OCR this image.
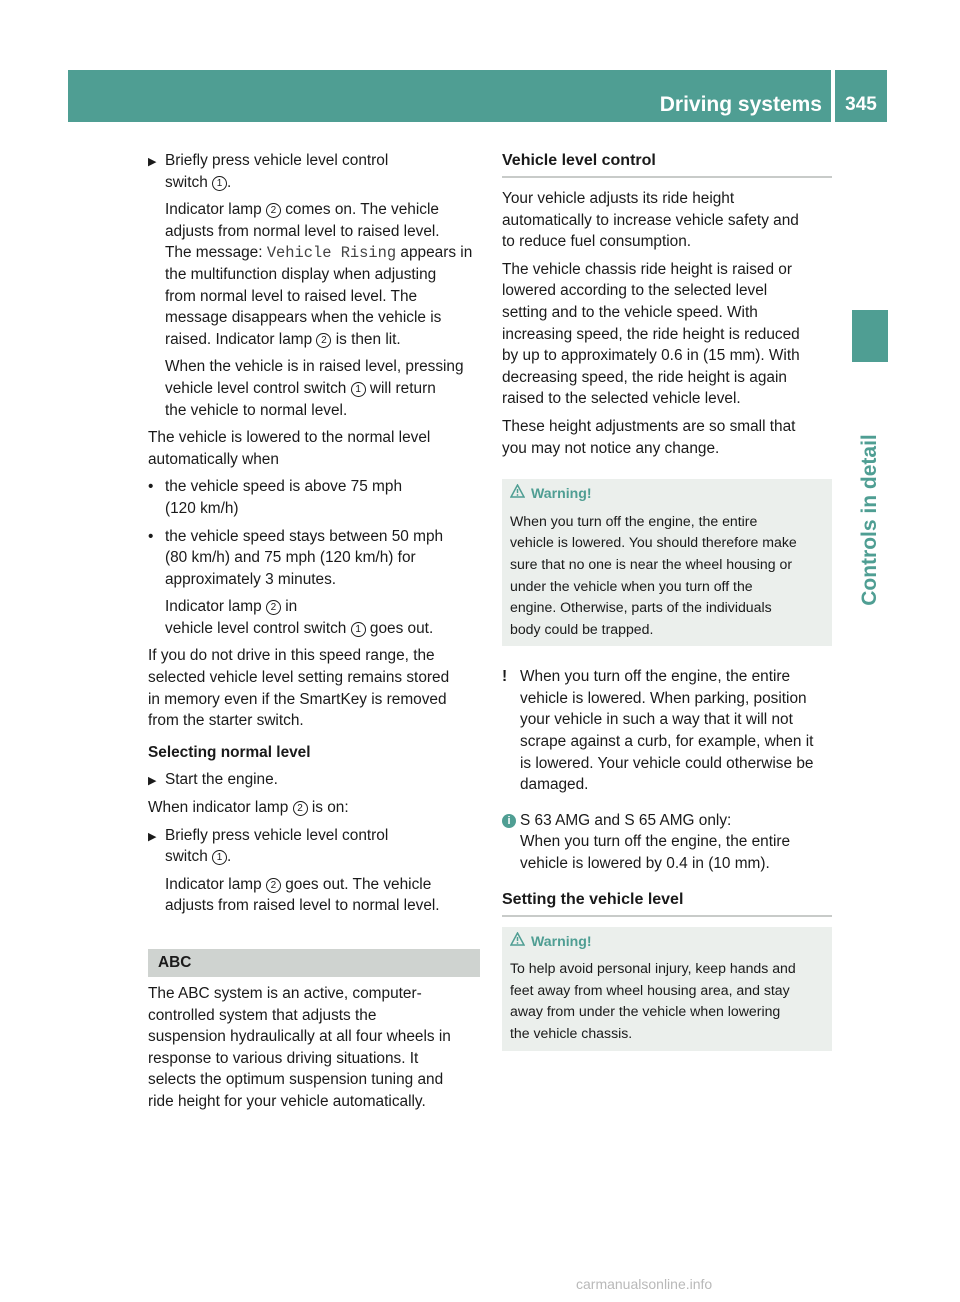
Driving systems	345
Controls in detail
▶ Briefly press vehicle level control
switch 1 .
Indicator lamp 2 comes on. The vehicle
adjusts from normal level to raised level.
The message: Vehicle Rising appears in
the multifunction display when adjusting
from normal level to raised level. The
message disappears when the vehicle is
raised. Indicator lamp 2 is then lit.
When the vehicle is in raised level, pressing
vehicle level control switch 1 will return
the vehicle to normal level.
The vehicle is lowered to the normal level
automatically when
• the vehicle speed is above 75 mph
(120 km/h)
• the vehicle speed stays between 50 mph
(80 km/h) and 75 mph (120 km/h) for
approximately 3 minutes.
Indicator lamp 2 in
vehicle level control switch 1 goes out.
If you do not drive in this speed range, the
selected vehicle level setting remains stored
in memory even if the SmartKey is removed
from the starter switch.
Selecting normal level
▶ Start the engine.
When indicator lamp 2 is on:
▶ Briefly press vehicle level control
switch 1 .
Indicator lamp 2 goes out. The vehicle
adjusts from raised level to normal level.
ABC
The ABC system is an active, computer-
controlled system that adjusts the
suspension hydraulically at all four wheels in
response to various driving situations. It
selects the optimum suspension tuning and
ride height for your vehicle automatically.
Vehicle level control
Your vehicle adjusts its ride height
automatically to increase vehicle safety and
to reduce fuel consumption.
The vehicle chassis ride height is raised or
lowered according to the selected level
setting and to the vehicle speed. With
increasing speed, the ride height is reduced
by up to approximately 0.6 in (15 mm). With
decreasing speed, the ride height is again
raised to the selected vehicle level.
These height adjustments are so small that
you may not notice any change.
Warning!
When you turn off the engine, the entire
vehicle is lowered. You should therefore make
sure that no one is near the wheel housing or
under the vehicle when you turn off the
engine. Otherwise, parts of the individuals
body could be trapped.
! When you turn off the engine, the entire
vehicle is lowered. When parking, position
your vehicle in such a way that it will not
scrape against a curb, for example, when it
is lowered. Your vehicle could otherwise be
damaged.
i S 63 AMG and S 65 AMG only:
When you turn off the engine, the entire
vehicle is lowered by 0.4 in (10 mm).
Setting the vehicle level
Warning!
To help avoid personal injury, keep hands and
feet away from wheel housing area, and stay
away from under the vehicle when lowering
the vehicle chassis.
carmanualsonline.info
